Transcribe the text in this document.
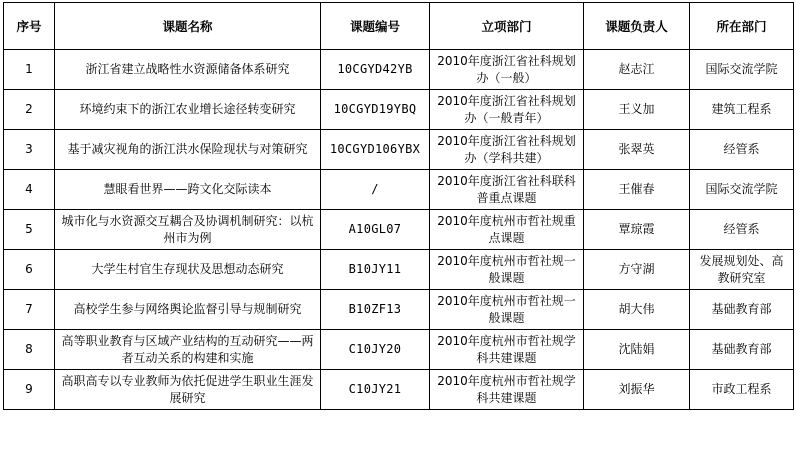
序号	课题名称	课题编号	立项部门	课题负责人	所在部门
1	浙江省建立战略性水资源储备体系研究	10CGYD42YB	2010年度浙江省社科规划办（一般）	赵志江	国际交流学院
2	环境约束下的浙江农业增长途径转变研究	10CGYD19YBQ	2010年度浙江省社科规划办（一般青年）	王义加	建筑工程系
3	基于减灾视角的浙江洪水保险现状与对策研究	10CGYD106YBX	2010年度浙江省社科规划办（学科共建）	张翠英	经管系
4	慧眼看世界——跨文化交际读本	/	2010年度浙江省社科联科普重点课题	王催春	国际交流学院
5	城市化与水资源交互耦合及协调机制研究：以杭州市为例	A10GL07	2010年度杭州市哲社规重点课题	覃琼霞	经管系
6	大学生村官生存现状及思想动态研究	B10JY11	2010年度杭州市哲社规一般课题	方守湖	发展规划处、高教研究室
7	高校学生参与网络舆论监督引导与规制研究	B10ZF13	2010年度杭州市哲社规一般课题	胡大伟	基础教育部
8	高等职业教育与区域产业结构的互动研究——两者互动关系的构建和实施	C10JY20	2010年度杭州市哲社规学科共建课题	沈陆娟	基础教育部
9	高职高专以专业教师为依托促进学生职业生涯发展研究	C10JY21	2010年度杭州市哲社规学科共建课题	刘振华	市政工程系
